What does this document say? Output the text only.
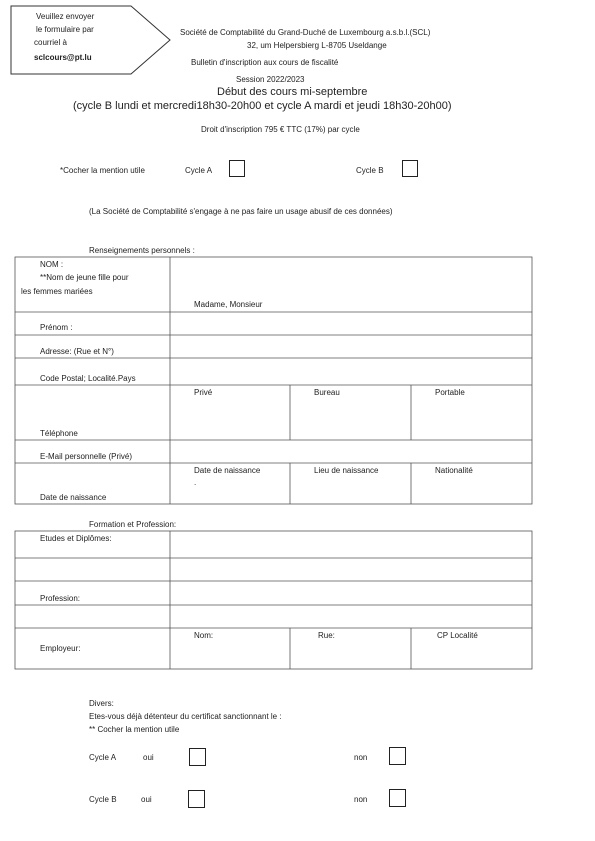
Veuillez envoyer
le formulaire par
courriel à
sclcours@pt.lu
Société de Comptabilité du Grand-Duché de Luxembourg a.s.b.l.(SCL)
32, um Helpersbierg L-8705 Useldange
Bulletin d'inscription aux cours de fiscalité
Session 2022/2023
Début des cours mi-septembre
(cycle B lundi et mercredi18h30-20h00 et cycle A mardi et jeudi 18h30-20h00)
Droit d'inscription 795 € TTC (17%) par cycle
*Cocher la mention utile	Cycle A	Cycle B
(La Société de Comptabilité s'engage à ne pas faire un usage abusif de ces données)
Renseignements personnels :
NOM :
**Nom de jeune fille pour
les femmes mariées
Madame, Monsieur
Prénom :
Adresse: (Rue et N°)
Code Postal; Localité.Pays
Privé	Bureau	Portable
Téléphone
E-Mail personnelle (Privé)
Date de naissance
.
Lieu de naissance	Nationalité
Date de naissance
Formation et Profession:
Etudes et Diplômes:
Profession:
Nom:	Rue:	CP Localité
Employeur:
Divers:
Etes-vous déjà détenteur du certificat sanctionnant le :
** Cocher la mention utile
Cycle A	oui	non
Cycle B	oui	non
